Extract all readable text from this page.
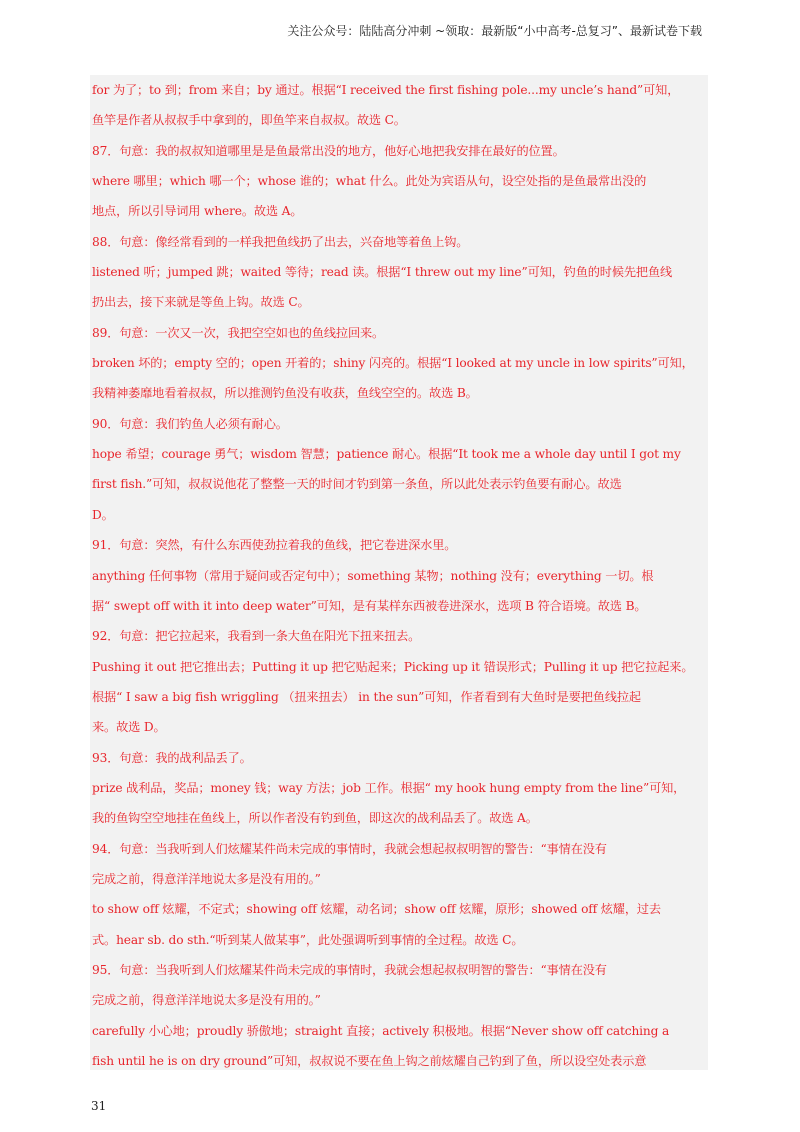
关注公众号：陆陆高分冲刺 ~领取：最新版“小中高考-总复习”、最新试卷下载
for 为了；to 到；from 来自；by 通过。根据“I received the first fishing pole...my uncle’s hand”可知，
鱼竿是作者从叔叔手中拿到的，即鱼竿来自叔叔。故选 C。
87．句意：我的叔叔知道哪里是是鱼最常出没的地方，他好心地把我安排在最好的位置。
where 哪里；which 哪一个；whose 谁的；what 什么。此处为宾语从句，设空处指的是鱼最常出没的
地点，所以引导词用 where。故选 A。
88．句意：像经常看到的一样我把鱼线扔了出去，兴奋地等着鱼上钩。
listened 听；jumped 跳；waited 等待；read 读。根据“I threw out my line”可知，钓鱼的时候先把鱼线
扔出去，接下来就是等鱼上钩。故选 C。
89．句意：一次又一次，我把空空如也的鱼线拉回来。
broken 坏的；empty 空的；open 开着的；shiny 闪亮的。根据“I looked at my uncle in low spirits”可知，
我精神萎靡地看着叔叔，所以推测钓鱼没有收获，鱼线空空的。故选 B。
90．句意：我们钓鱼人必须有耐心。
hope 希望；courage 勇气；wisdom 智慧；patience 耐心。根据“It took me a whole day until I got my
first fish.”可知，叔叔说他花了整整一天的时间才钓到第一条鱼，所以此处表示钓鱼要有耐心。故选
D。
91．句意：突然，有什么东西使劲拉着我的鱼线，把它卷进深水里。
anything 任何事物（常用于疑问或否定句中）；something 某物；nothing 没有；everything 一切。根
据“ swept off with it into deep water”可知，是有某样东西被卷进深水，选项 B 符合语境。故选 B。
92．句意：把它拉起来，我看到一条大鱼在阳光下扭来扭去。
Pushing it out 把它推出去；Putting it up 把它贴起来；Picking up it 错误形式；Pulling it up 把它拉起来。
根据“ I saw a big fish wriggling （扭来扭去） in the sun”可知，作者看到有大鱼时是要把鱼线拉起
来。故选 D。
93．句意：我的战利品丢了。
prize 战利品，奖品；money 钱；way 方法；job 工作。根据“ my hook hung empty from the line”可知，
我的鱼钩空空地挂在鱼线上，所以作者没有钓到鱼，即这次的战利品丢了。故选 A。
94．句意：当我听到人们炫耀某件尚未完成的事情时，我就会想起叔叔明智的警告：“事情在没有
完成之前，得意洋洋地说太多是没有用的。”
to show off 炫耀，不定式；showing off 炫耀，动名词；show off 炫耀，原形；showed off 炫耀，过去
式。hear sb. do sth.“听到某人做某事”，此处强调听到事情的全过程。故选 C。
95．句意：当我听到人们炫耀某件尚未完成的事情时，我就会想起叔叔明智的警告：“事情在没有
完成之前，得意洋洋地说太多是没有用的。”
carefully 小心地；proudly 骄傲地；straight 直接；actively 积极地。根据“Never show off catching a
fish until he is on dry ground”可知，叔叔说不要在鱼上钩之前炫耀自己钓到了鱼，所以设空处表示意
31
